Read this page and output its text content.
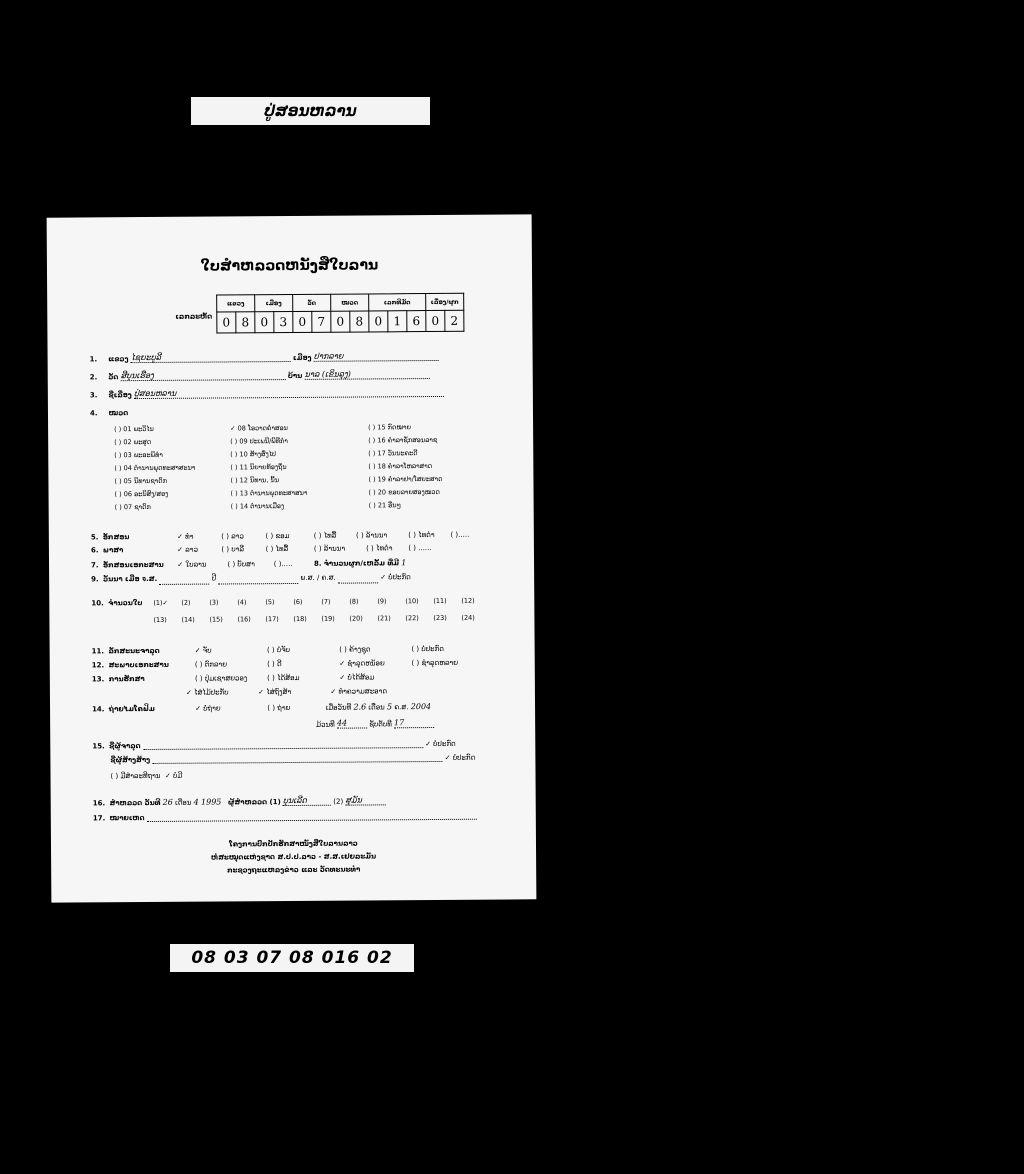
ປູ່ສອນຫລານ
ໃບສຳຫລວດຫນັງສືໃບລານ
ເລກລະຫັດ
ແຂວງ		ເມືອງ		ວັດ		ໝວດ		ເລກທີມັດ			ເລື່ອງ/ຜູກ	
0	8	0	3	0	7	0	8	0	1	6	0	2
1. ແຂວງ ໄຊຍະບູລີ	ເມືອງ ປາກລາຍ
2. ວັດ ສີບຸນເຮືອງ	ບ້ານ ນາລ (ເຂິນລຸງ)
3. ຊື່ເລື່ອງ ປູ່ສອນຫລານ
4. ໝວດ
( ) 01 ພະວິໄນ
( ) 02 ພະສູດ
( ) 03 ພະອະພິທຳ
( ) 04 ຕຳນານພຸດທະສາສະນາ
( ) 05 ນິທານຊາດົກ
( ) 06 ອະນິສົງ/ສອງ
( ) 07 ຊາດົກ
✓ 08 ໂອວາດຄຳສອນ
( ) 09 ປະເພນີ/ພິທີກຳ
( ) 10 ສ້າງສົ່ງໄປ
( ) 11 ນິຍາຍທ້ອງຖິ່ນ
( ) 12 ນິທານ, ນິ້ນ
( ) 13 ຕຳນານພຸດທະສາສນາ
( ) 14 ຕຳນານເມືອງ
( ) 15 ກົດໝາຍ
( ) 16 ຄຳລາຊັກສອນລາຊ
( ) 17 ວັນນະຄະດີ
( ) 18 ຄຳລາໂຫລາສາດ
( ) 19 ຄຳລາຢາ/ໂສຍະສາດ
( ) 20 ຂອບລາຍສອງໝວດ
( ) 21 ອື່ນໆ
5. ອັກສອນ	✓ ທຳ	( ) ລາວ	( ) ຂອມ	( ) ໄທລື້	( ) ລ້ານນາ	( ) ໄທດຳ ( ).....
6. ພາສາ	✓ ລາວ	( ) ບາລີ	( ) ໄທລື້	( ) ລ້ານນາ	( ) ໄທດຳ ( ) ......
7. ອັກສອນເອກະສານ ✓ ໃບລານ	( ) ບັບສາ	( ).....	8. ຈຳນວນຜູກ/ເຫລັ້ມ ທີ່ມີ 1
9. ວັນນາ ເມື່ອ จ.ສ.	ປີ	ພ.ສ. / ຄ.ສ.	✓ ບໍ່ປະກົດ
10. ຈຳນວນໃບ (1)✓ (2)	(3)	(4)	(5)	(6)	(7)	(8)	(9)	(10) (11) (12)
(13) (14) (15) (16) (17) (18) (19) (20) (21) (22) (23) (24)
11. ລັກສະນະຈາລຸດ	✓ ຈັບ	( ) ບໍ່ຈັບ	( ) ຄ້າງຊຸດ	( ) ບໍ່ປະກົດ
12. ສະພາບເອກະສານ	( ) ຕົກລາຍ	( ) ດີ	✓ ຊຳລຸດຫນ້ອຍ	( ) ຊຳລຸດຫລາຍ
13. ການຮັກສາ	( ) ປຸ່ມເຊາສຍວອງ	( ) ໄດ້ສ້ອມ	✓ ບໍ່ໄດ້ສ້ອມ
✓ ໄສ່ໄມ້ປະກັບ	✓ ໄສ່ຖົງສ້າ	✓ ທຳຄວາມສະອາດ
14. ຖ່າຍໄມໂຄຟິມ	✓ ບໍ່ຖ່າຍ	( ) ຖ່າຍ	ເມື່ອວັນທີ 2.6 ເດືອນ 5 ຄ.ສ. 2004
ມ້ວນທີ 44	ຊັບຕັບທີ 17
15. ຊື່ຜູ້ຈາລຸດ	✓ ບໍ່ປະກົດ
ຊື່ຜູ້ສ້າງສ້າງ	✓ ບໍ່ປະກົດ
( ) ມີສໍາລະທີຖານ ✓ ບໍ່ມີ
16. ສຳຫລວດ ວັນທີ 26 ເດືອນ 4 1995 ຜູ້ສຳຫລວດ (1) ບຸນເລີດ	(2) ສຸມັນ
17. ໝາຍເຫດ
ໂຄງການປົກປັກຮັກສາໜັງສືໃບລານລາວ
ຫໍສະໝຸດແຫ່ງຊາດ ສ.ປ.ປ.ລາວ - ສ.ສ.ເຢຍລະມັນ
ກະຊວງຖະແຫລງຂ່າວ ແລະ ວັດທະນະທຳ
08 03 07 08 016 02
